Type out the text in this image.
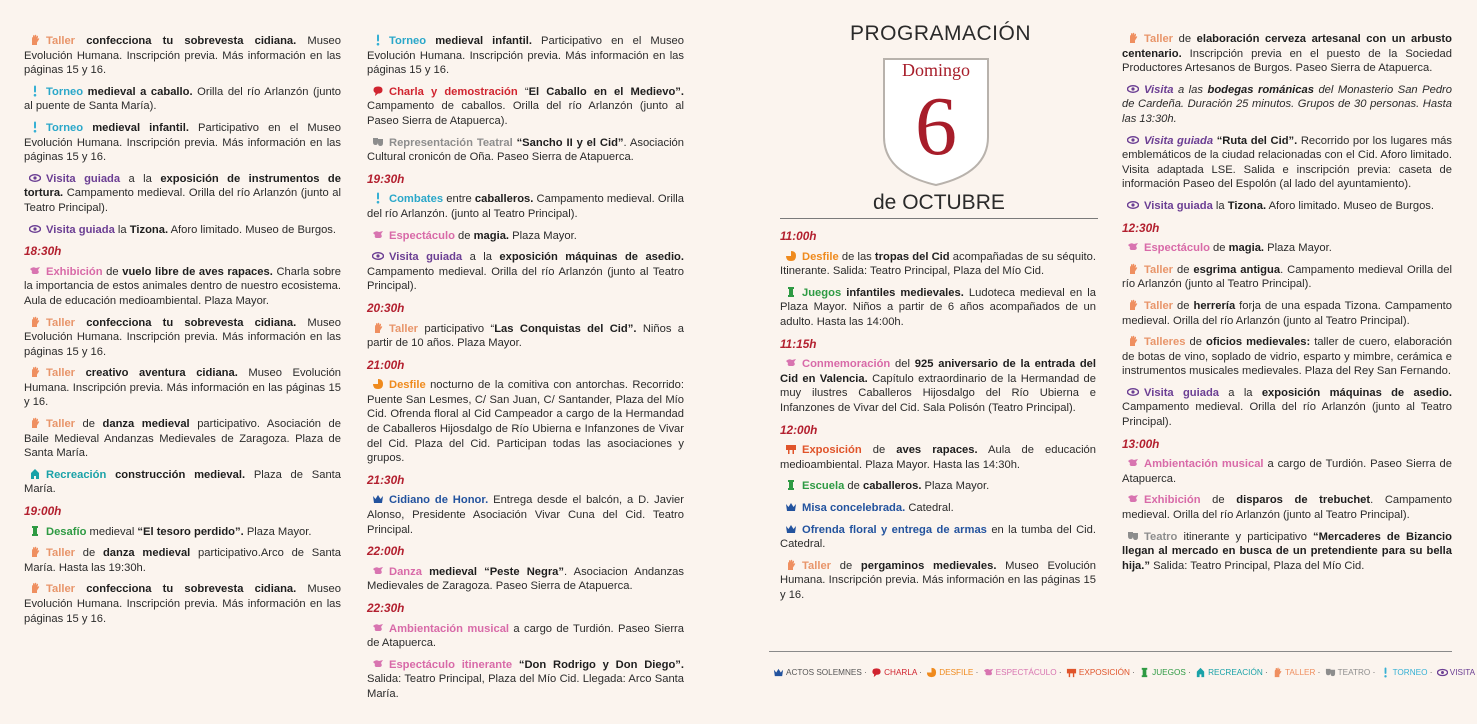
Taller confecciona tu sobrevesta cidiana. Museo Evolución Humana. Inscripción previa. Más información en las páginas 15 y 16.
Torneo medieval a caballo. Orilla del río Arlanzón (junto al puente de Santa María).
Torneo medieval infantil. Participativo en el Museo Evolución Humana. Inscripción previa. Más información en las páginas 15 y 16.
Visita guiada a la exposición de instrumentos de tortura. Campamento medieval. Orilla del río Arlanzón (junto al Teatro Principal).
Visita guiada la Tizona. Aforo limitado. Museo de Burgos.
18:30h
Exhibición de vuelo libre de aves rapaces. Charla sobre la importancia de estos animales dentro de nuestro ecosistema. Aula de educación medioambiental. Plaza Mayor.
Taller confecciona tu sobrevesta cidiana. Museo Evolución Humana. Inscripción previa. Más información en las páginas 15 y 16.
Taller creativo aventura cidiana. Museo Evolución Humana. Inscripción previa. Más información en las páginas 15 y 16.
Taller de danza medieval participativo. Asociación de Baile Medieval Andanzas Medievales de Zaragoza. Plaza de Santa María.
Recreación construcción medieval. Plaza de Santa María.
19:00h
Desafío medieval “El tesoro perdido”. Plaza Mayor.
Taller de danza medieval participativo.Arco de Santa María. Hasta las 19:30h.
Taller confecciona tu sobrevesta cidiana. Museo Evolución Humana. Inscripción previa. Más información en las páginas 15 y 16.
Torneo medieval infantil. Participativo en el Museo Evolución Humana. Inscripción previa. Más información en las páginas 15 y 16.
Charla y demostración “El Caballo en el Medievo”. Campamento de caballos. Orilla del río Arlanzón (junto al Paseo Sierra de Atapuerca).
Representación Teatral “Sancho II y el Cid”. Asociación Cultural cronicón de Oña. Paseo Sierra de Atapuerca.
19:30h
Combates entre caballeros. Campamento medieval. Orilla del río Arlanzón. (junto al Teatro Principal).
Espectáculo de magia. Plaza Mayor.
Visita guiada a la exposición máquinas de asedio. Campamento medieval. Orilla del río Arlanzón (junto al Teatro Principal).
20:30h
Taller participativo “Las Conquistas del Cid”. Niños a partir de 10 años. Plaza Mayor.
21:00h
Desfile nocturno de la comitiva con antorchas. Recorrido: Puente San Lesmes, C/ San Juan, C/ Santander, Plaza del Mío Cid. Ofrenda floral al Cid Campeador a cargo de la Hermandad de Caballeros Hijosdalgo de Río Ubierna e Infanzones de Vivar del Cid. Plaza del Cid. Participan todas las asociaciones y grupos.
21:30h
Cidiano de Honor. Entrega desde el balcón, a D. Javier Alonso, Presidente Asociación Vivar Cuna del Cid. Teatro Principal.
22:00h
Danza medieval “Peste Negra”. Asociacion Andanzas Medievales de Zaragoza. Paseo Sierra de Atapuerca.
22:30h
Ambientación musical a cargo de Turdión. Paseo Sierra de Atapuerca.
Espectáculo itinerante “Don Rodrigo y Don Diego”. Salida: Teatro Principal, Plaza del Mío Cid. Llegada: Arco Santa María.
PROGRAMACIÓN
Domingo
6
de OCTUBRE
11:00h
Desfile de las tropas del Cid acompañadas de su séquito. Itinerante. Salida: Teatro Principal, Plaza del Mío Cid.
Juegos infantiles medievales. Ludoteca medieval en la Plaza Mayor. Niños a partir de 6 años acompañados de un adulto. Hasta las 14:00h.
11:15h
Conmemoración del 925 aniversario de la entrada del Cid en Valencia. Capítulo extraordinario de la Hermandad de muy ilustres Caballeros Hijosdalgo del Río Ubierna e Infanzones de Vivar del Cid. Sala Polisón (Teatro Principal).
12:00h
Exposición de aves rapaces. Aula de educación medioambiental. Plaza Mayor. Hasta las 14:30h.
Escuela de caballeros. Plaza Mayor.
Misa concelebrada. Catedral.
Ofrenda floral y entrega de armas en la tumba del Cid. Catedral.
Taller de pergaminos medievales. Museo Evolución Humana. Inscripción previa. Más información en las páginas 15 y 16.
Taller de elaboración cerveza artesanal con un arbusto centenario. Inscripción previa en el puesto de la Sociedad Productores Artesanos de Burgos. Paseo Sierra de Atapuerca.
Visita a las bodegas románicas del Monasterio San Pedro de Cardeña. Duración 25 minutos. Grupos de 30 personas. Hasta las 13:30h.
Visita guiada “Ruta del Cid”. Recorrido por los lugares más emblemáticos de la ciudad relacionadas con el Cid. Aforo limitado. Visita adaptada LSE. Salida e inscripción previa: caseta de información Paseo del Espolón (al lado del ayuntamiento).
Visita guiada la Tizona. Aforo limitado. Museo de Burgos.
12:30h
Espectáculo de magia. Plaza Mayor.
Taller de esgrima antigua. Campamento medieval Orilla del río Arlanzón (junto al Teatro Principal).
Taller de herrería forja de una espada Tizona. Campamento medieval. Orilla del río Arlanzón (junto al Teatro Principal).
Talleres de oficios medievales: taller de cuero, elaboración de botas de vino, soplado de vidrio, esparto y mimbre, cerámica e instrumentos musicales medievales. Plaza del Rey San Fernando.
Visita guiada a la exposición máquinas de asedio. Campamento medieval. Orilla del río Arlanzón (junto al Teatro Principal).
13:00h
Ambientación musical a cargo de Turdión. Paseo Sierra de Atapuerca.
Exhibición de disparos de trebuchet. Campamento medieval. Orilla del río Arlanzón (junto al Teatro Principal).
Teatro itinerante y participativo “Mercaderes de Bizancio llegan al mercado en busca de un pretendiente para su bella hija.” Salida: Teatro Principal, Plaza del Mío Cid.
ACTOS SOLEMNES · CHARLA · DESFILE · ESPECTÁCULO · EXPOSICIÓN · JUEGOS · RECREACIÓN · TALLER · TEATRO · TORNEO · VISITA
